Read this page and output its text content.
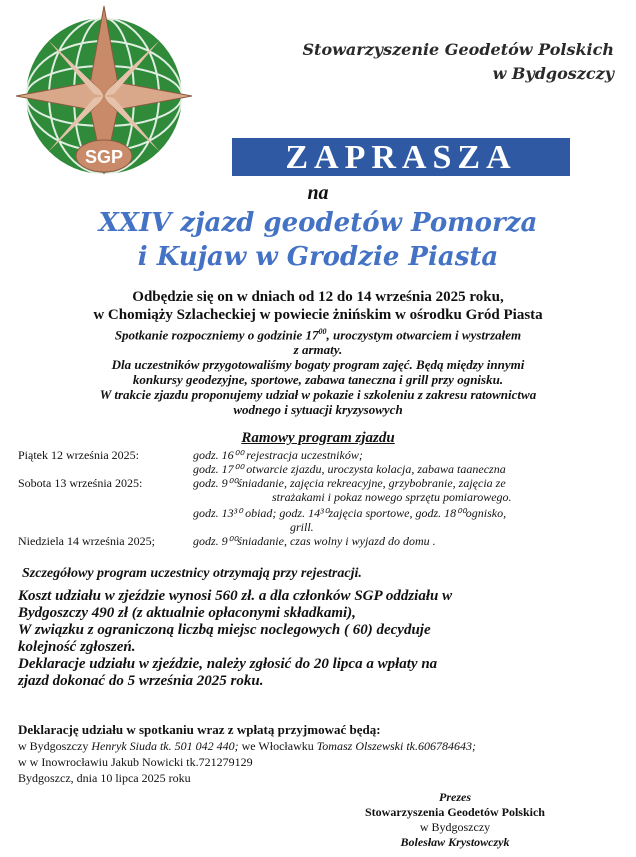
SGP
Stowarzyszenie Geodetów Polskich
w Bydgoszczy
ZAPRASZA
na
XXIV zjazd geodetów Pomorza
i Kujaw w Grodzie Piasta
Odbędzie się on w dniach od 12 do 14 września 2025 roku,
w Chomiąży Szlacheckiej w powiecie żnińskim w ośrodku Gród Piasta
Spotkanie rozpoczniemy o godzinie $17^{00}$, uroczystym otwarciem i wystrzałem
z armaty.
Dla uczestników przygotowaliśmy bogaty program zajęć. Będą między innymi
konkursy geodezyjne, sportowe, zabawa taneczna i grill przy ognisku.
W trakcie zjazdu proponujemy udział w pokazie i szkoleniu z zakresu ratownictwa
wodnego i sytuacji kryzysowych
Ramowy program zjazdu
Piątek 12 września 2025:	godz. 16⁰⁰ rejestracja uczestników;
godz. 17⁰⁰ otwarcie zjazdu, uroczysta kolacja, zabawa taaneczna
Sobota 13 września 2025:	godz. 9⁰⁰śniadanie, zajęcia rekreacyjne, grzybobranie, zajęcia ze
strażakami i pokaz nowego sprzętu pomiarowego.
godz. 13³⁰ obiad; godz. 14³⁰zajęcia sportowe, godz. 18⁰⁰ognisko,
grill.
Niedziela 14 września 2025;	godz. 9⁰⁰śniadanie, czas wolny i wyjazd do domu .
Szczegółowy program uczestnicy otrzymają przy rejestracji.
Koszt udziału w zjeździe wynosi 560 zł. a dla członków SGP oddziału w
Bydgoszczy 490 zł (z aktualnie opłaconymi składkami),
W związku z ograniczoną liczbą miejsc noclegowych ( 60) decyduje
kolejność zgłoszeń.
Deklaracje udziału w zjeździe, należy zgłosić do 20 lipca a wpłaty na
zjazd dokonać do 5 września 2025 roku.
Deklarację udziału w spotkaniu wraz z wpłatą przyjmować będą:
w Bydgoszczy Henryk Siuda tk. 501 042 440; we Włocławku Tomasz Olszewski tk.606784643;
w w Inowrocławiu Jakub Nowicki tk.721279129
Bydgoszcz, dnia 10 lipca 2025 roku
Prezes
Stowarzyszenia Geodetów Polskich
w Bydgoszczy
Bolesław Krystowczyk
